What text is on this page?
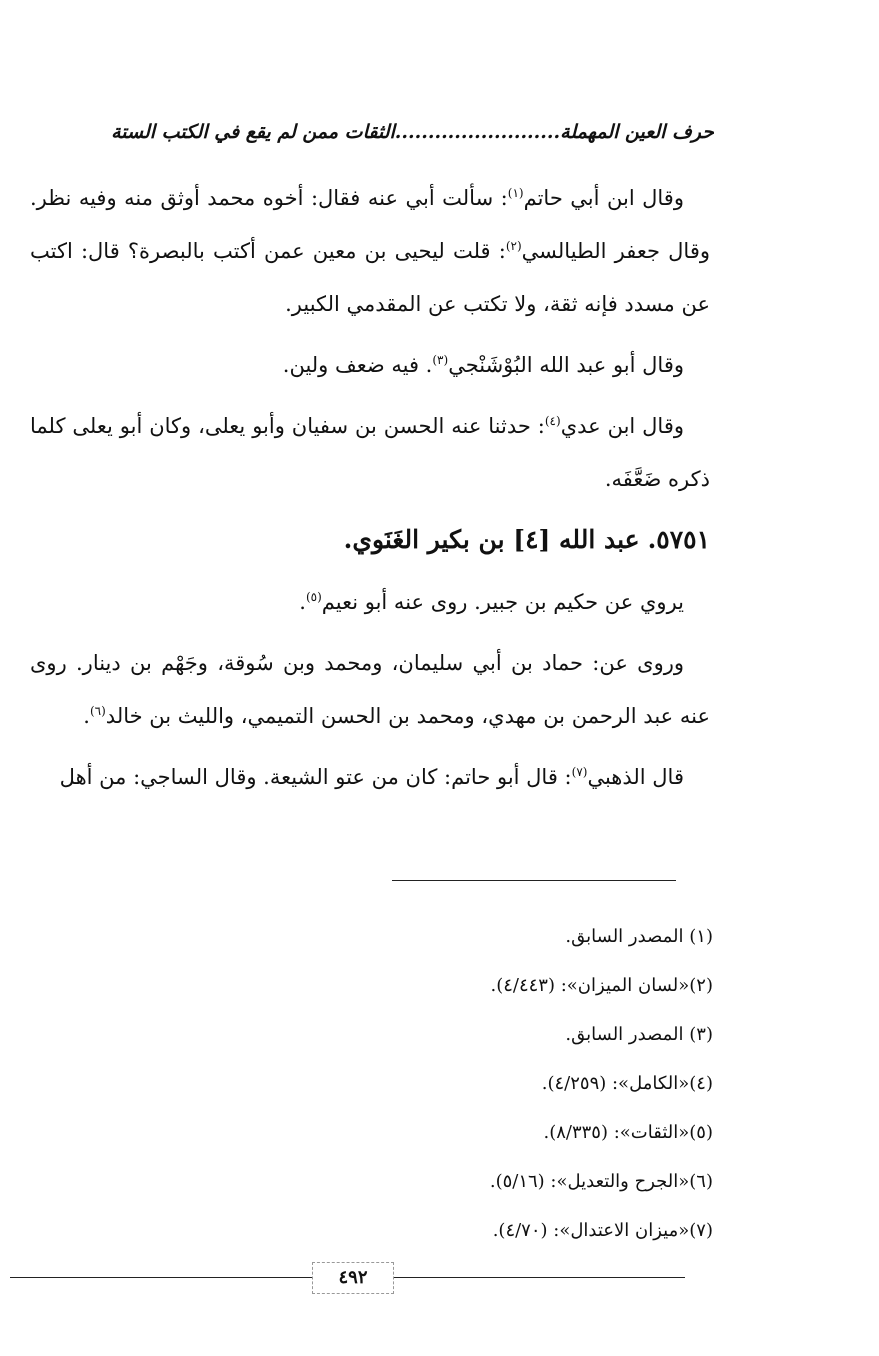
حرف العين المهملة.........................الثقات ممن لم يقع في الكتب الستة

وقال ابن أبي حاتم$^{(١)}$: سألت أبي عنه فقال: أخوه محمد أوثق منه وفيه نظر. وقال جعفر الطيالسي$^{(٢)}$: قلت ليحيى بن معين عمن أكتب بالبصرة؟ قال: اكتب عن مسدد فإنه ثقة، ولا تكتب عن المقدمي الكبير.

وقال أبو عبد الله البُوْشَنْجي$^{(٣)}$. فيه ضعف ولين.

وقال ابن عدي$^{(٤)}$: حدثنا عنه الحسن بن سفيان وأبو يعلى، وكان أبو يعلى كلما ذكره ضَعَّفَه.

٥٧٥١.عبد الله [٤] بن بكير الغَنَوي.

يروي عن حكيم بن جبير. روى عنه أبو نعيم$^{(٥)}$.

وروى عن: حماد بن أبي سليمان، ومحمد وبن سُوقة، وجَهْم بن دينار. روى عنه عبد الرحمن بن مهدي، ومحمد بن الحسن التميمي، والليث بن خالد$^{(٦)}$.

قال الذهبي$^{(٧)}$: قال أبو حاتم: كان من عتو الشيعة. وقال الساجي: من أهل

(١) المصدر السابق.
(٢)«لسان الميزان»: (٤/٤٤٣).
(٣) المصدر السابق.
(٤)«الكامل»: (٤/٢٥٩).
(٥)«الثقات»: (٨/٣٣٥).
(٦)«الجرح والتعديل»: (٥/١٦).
(٧)«ميزان الاعتدال»: (٤/٧٠).
٤٩٢
